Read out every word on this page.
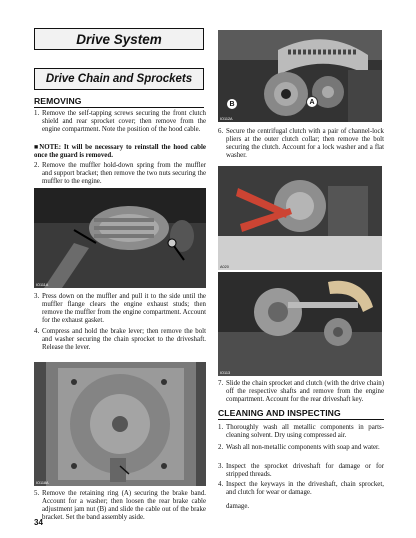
Drive System
Drive Chain and Sprockets
REMOVING
1. Remove the self-tapping screws securing the front clutch shield and rear sprocket cover; then remove from the engine compartment. Note the position of the hood cable.
■NOTE: It will be necessary to reinstall the hood cable once the guard is removed.
2. Remove the muffler hold-down spring from the muffler and support bracket; then remove the two nuts securing the muffler to the engine.
IO111A
3. Press down on the muffler and pull it to the side until the muffler flange clears the engine exhaust studs; then remove the muffler from the engine compartment. Account for the exhaust gasket.
4. Compress and hold the brake lever; then remove the bolt and washer securing the chain sprocket to the driveshaft. Release the lever.
IO118A
5. Remove the retaining ring (A) securing the brake band. Account for a washer; then loosen the rear brake cable adjustment jam nut (B) and slide the cable out of the brake bracket. Set the band assembly aside.
B	A
IO112A
6. Secure the centrifugal clutch with a pair of channel-lock pliers at the outer clutch collar; then remove the bolt securing the clutch. Account for a lock washer and a flat washer.
A020
IO113
7. Slide the chain sprocket and clutch (with the drive chain) off the respective shafts and remove from the engine compartment. Account for the rear driveshaft key.
CLEANING AND INSPECTING
1. Thoroughly wash all metallic components in parts-cleaning solvent. Dry using compressed air.
2. Wash all non-metallic components with soap and water.
3. Inspect the sprocket driveshaft for damage or for stripped threads.
4. Inspect the keyways in the driveshaft, chain sprocket, and clutch for wear or damage.
damage.
34
